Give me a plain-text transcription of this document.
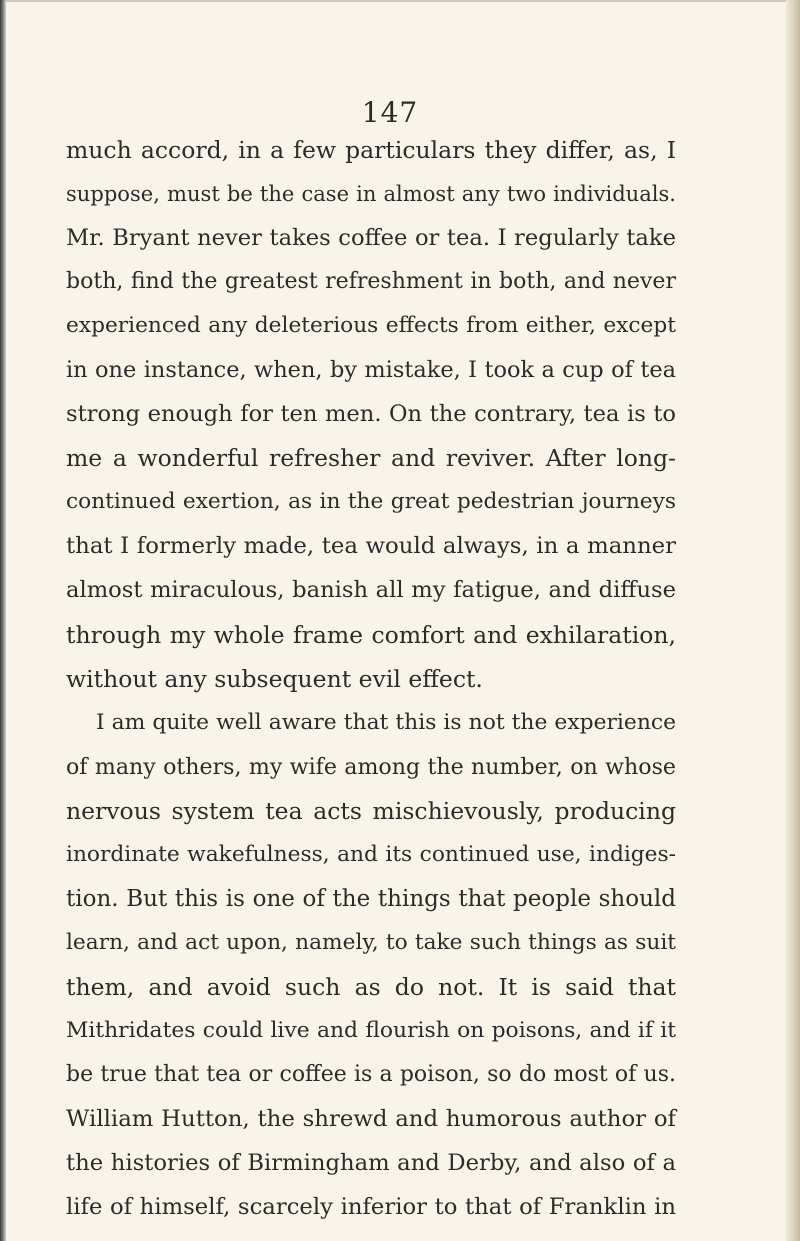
147
much accord, in a few particulars they differ, as, I
suppose, must be the case in almost any two individuals.
Mr. Bryant never takes coffee or tea. I regularly take
both, find the greatest refreshment in both, and never
experienced any deleterious effects from either, except
in one instance, when, by mistake, I took a cup of tea
strong enough for ten men. On the contrary, tea is to
me a wonderful refresher and reviver. After long-
continued exertion, as in the great pedestrian journeys
that I formerly made, tea would always, in a manner
almost miraculous, banish all my fatigue, and diffuse
through my whole frame comfort and exhilaration,
without any subsequent evil effect.
I am quite well aware that this is not the experience
of many others, my wife among the number, on whose
nervous system tea acts mischievously, producing
inordinate wakefulness, and its continued use, indiges-
tion. But this is one of the things that people should
learn, and act upon, namely, to take such things as suit
them, and avoid such as do not. It is said that
Mithridates could live and flourish on poisons, and if it
be true that tea or coffee is a poison, so do most of us.
William Hutton, the shrewd and humorous author of
the histories of Birmingham and Derby, and also of a
life of himself, scarcely inferior to that of Franklin in
